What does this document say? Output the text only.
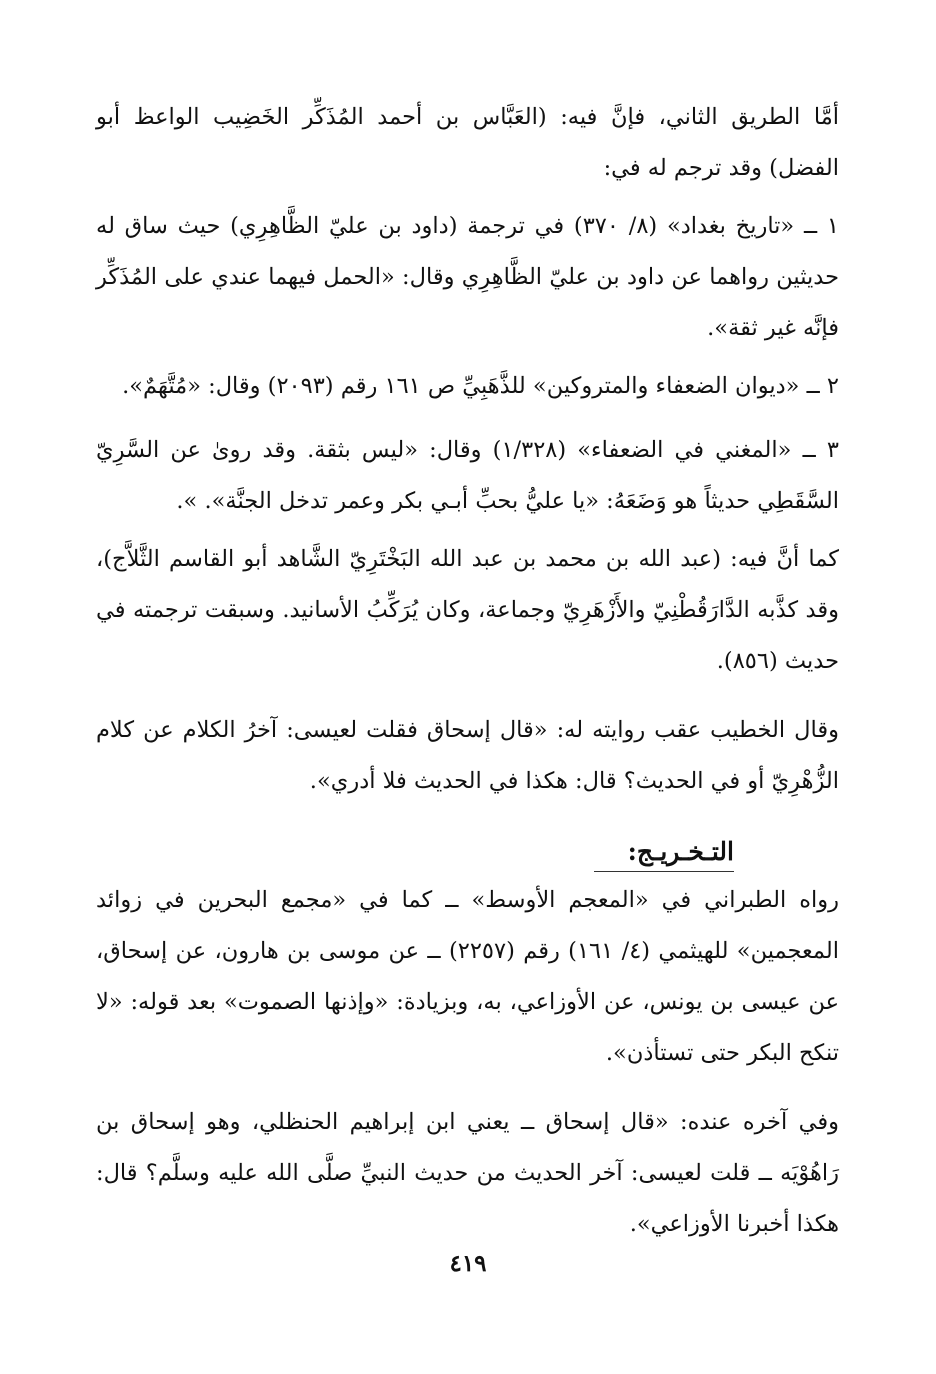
أمَّا الطريق الثاني، فإنَّ فيه: (العَبَّاس بن أحمد المُذَكِّر الخَضِيب الواعظ أبو الفضل) وقد ترجم له في:

١ ــ «تاريخ بغداد» (٨/ ٣٧٠) في ترجمة (داود بن عليّ الظَّاهِرِي) حيث ساق له حديثين رواهما عن داود بن عليّ الظَّاهِرِي وقال: «الحمل فيهما عندي على المُذَكِّر فإنَّه غير ثقة».

٢ ــ «ديوان الضعفاء والمتروكين» للذَّهَبِيِّ ص ١٦١ رقم (٢٠٩٣) وقال: «مُتَّهَمٌ».

٣ ــ «المغني في الضعفاء» (١/٣٢٨) وقال: «ليس بثقة. وقد روىٰ عن السَّرِيّ السَّقَطِي حديثاً هو وَضَعَهُ: «يا عليُّ بحبِّ أبـي بكر وعمر تدخل الجنَّة». ».

كما أنَّ فيه: (عبد الله بن محمد بن عبد الله البَخْتَرِيّ الشَّاهد أبو القاسم الثَّلاَّج)، وقد كذَّبه الدَّارَقُطْنِيّ والأَزْهَرِيّ وجماعة، وكان يُرَكِّبُ الأسانيد. وسبقت ترجمته في حديث (٨٥٦).

وقال الخطيب عقب روايته له: «قال إسحاق فقلت لعيسى: آخرُ الكلام عن كلام الزُّهْرِيّ أو في الحديث؟ قال: هكذا في الحديث فلا أدري».

التـخـريـج:

رواه الطبراني في «المعجم الأوسط» ــ كما في «مجمع البحرين في زوائد المعجمين» للهيثمي (٤/ ١٦١) رقم (٢٢٥٧) ــ عن موسى بن هارون، عن إسحاق، عن عيسى بن يونس، عن الأوزاعي، به، وبزيادة: «وإذنها الصموت» بعد قوله: «لا تنكح البكر حتى تستأذن».

وفي آخره عنده: «قال إسحاق ــ يعني ابن إبراهيم الحنظلي، وهو إسحاق بن رَاهُوْيَه ــ قلت لعيسى: آخر الحديث من حديث النبيِّ صلَّى الله عليه وسلَّم؟ قال: هكذا أخبرنا الأوزاعي».

٤١٩
